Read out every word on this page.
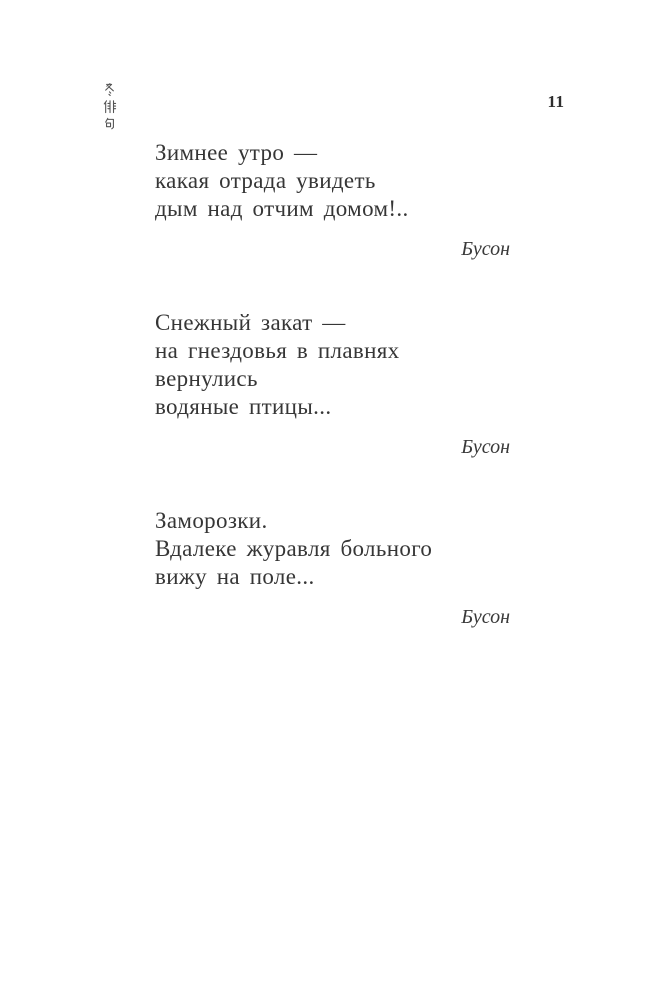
11

Зимнее утро —

какая отрада увидеть

дым над отчим домом!..

Бусон

Снежный закат —

на гнездовья в плавнях вернулись

водяные птицы...

Бусон

Заморозки.

Вдалеке журавля больного

вижу на поле...

Бусон
